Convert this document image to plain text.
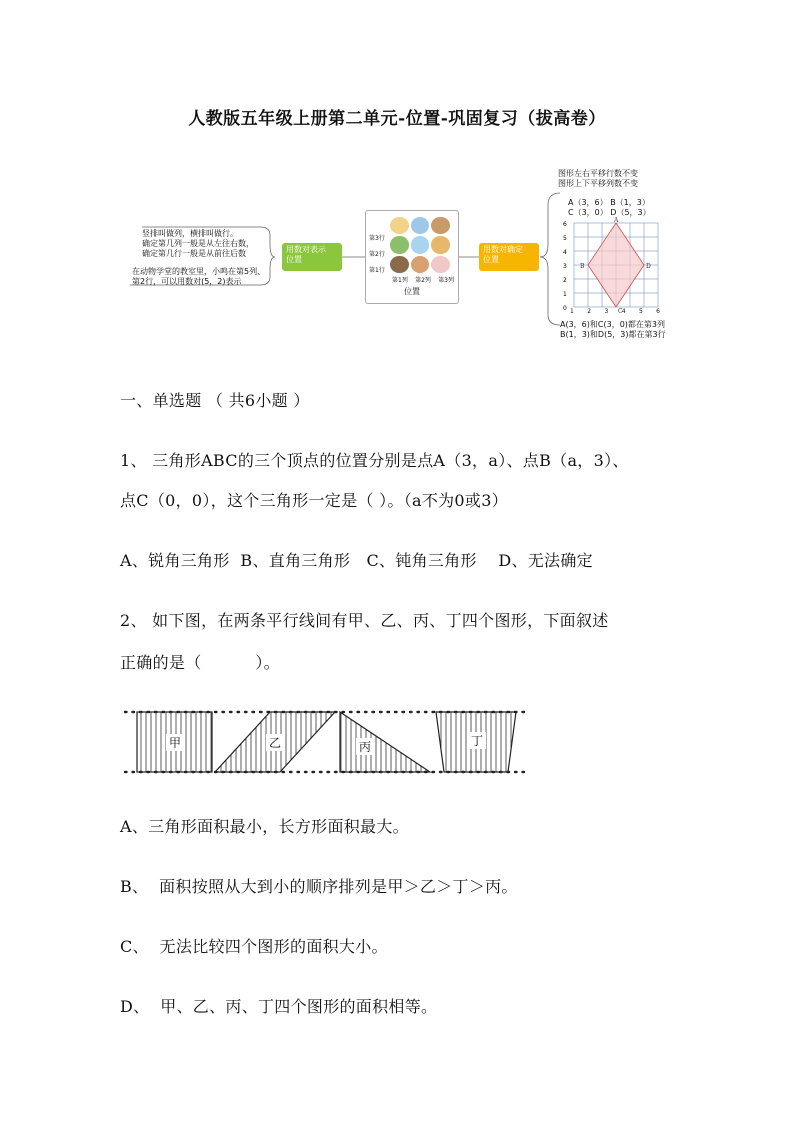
人教版五年级上册第二单元-位置-巩固复习（拔高卷）
竖排叫做列，横排叫做行。
确定第几列一般是从左往右数，
确定第几行一般是从前往后数
在动物学堂的教室里，小鸣在第5列、
第2行，可以用数对(5，2)表示
用数对表示
位置
第3行
第2行
第1行
第1列 第2列 第3列
位置
用数对确定
位置
图形左右平移行数不变
图形上下平移列数不变
A（3，6） B（1，3）
C（3，0） D（5，3）
6
5
4
3
2
1
0
A
B
C
D
1 2 3 4 5 6
A(3，6)和C(3，0)都在第3列
B(1，3)和D(5，3)都在第3行
一、单选题 （ 共6小题 ）
1、 三角形ABC的三个顶点的位置分别是点A（3，a）、点B（a，3）、
点C（0，0），这个三角形一定是（ ）。（a不为0或3）
A、锐角三角形  B、直角三角形   C、钝角三角形    D、无法确定
2、 如下图，在两条平行线间有甲、乙、丙、丁四个图形，下面叙述
正确的是（          ）。
甲	乙	丙	丁
A、三角形面积最小，长方形面积最大。
B、  面积按照从大到小的顺序排列是甲＞乙＞丁＞丙。
C、  无法比较四个图形的面积大小。
D、  甲、乙、丙、丁四个图形的面积相等。
